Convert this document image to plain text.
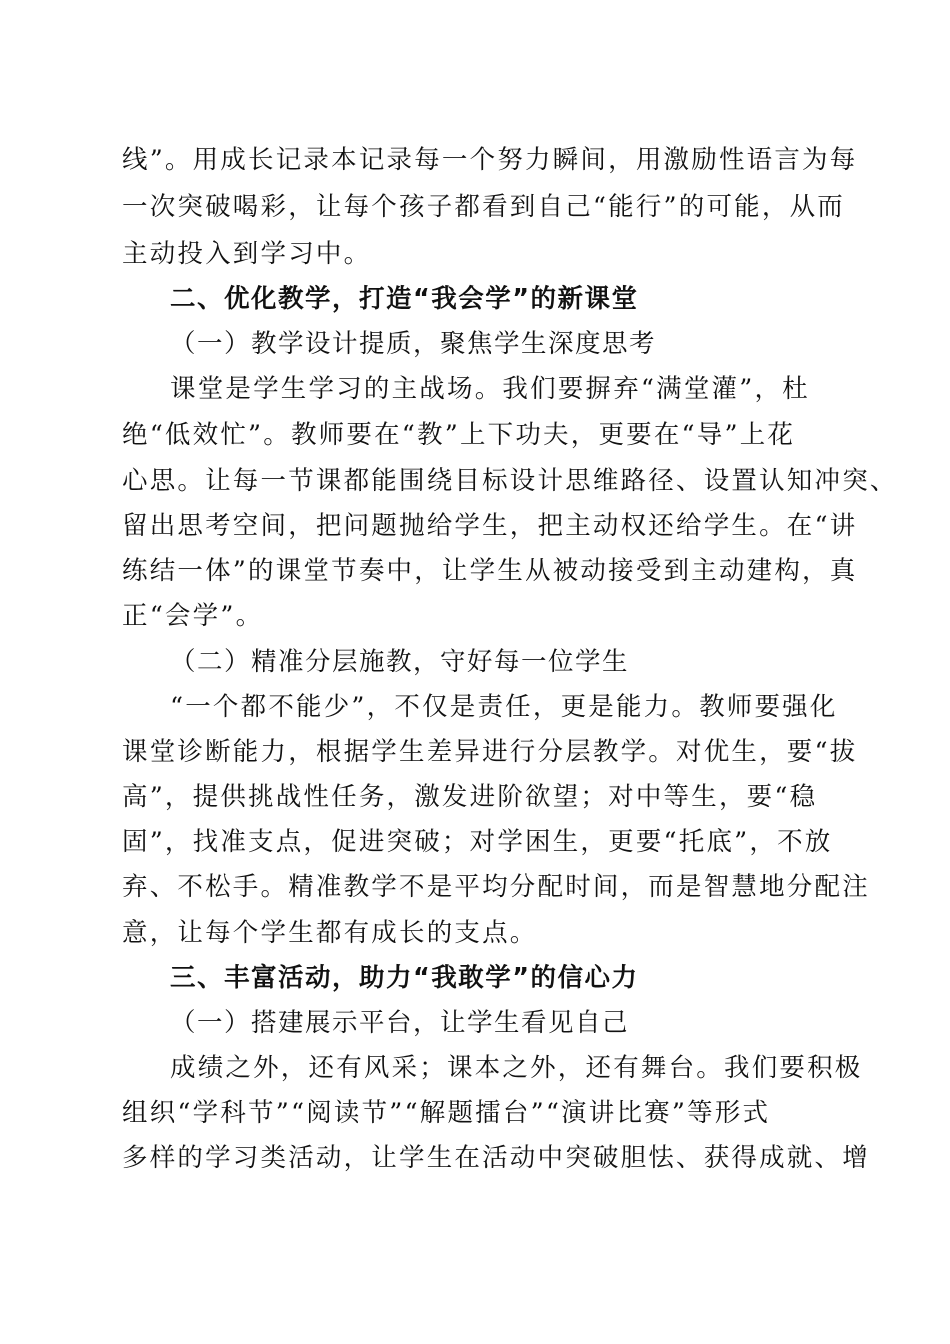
线”。用成长记录本记录每一个努力瞬间，用激励性语言为每
一次突破喝彩，让每个孩子都看到自己“能行”的可能，从而
主动投入到学习中。
二、优化教学，打造“我会学”的新课堂
（一）教学设计提质，聚焦学生深度思考
课堂是学生学习的主战场。我们要摒弃“满堂灌”，杜
绝“低效忙”。教师要在“教”上下功夫，更要在“导”上花
心思。让每一节课都能围绕目标设计思维路径、设置认知冲突、
留出思考空间，把问题抛给学生，把主动权还给学生。在“讲
练结一体”的课堂节奏中，让学生从被动接受到主动建构，真
正“会学”。
（二）精准分层施教，守好每一位学生
“一个都不能少”，不仅是责任，更是能力。教师要强化
课堂诊断能力，根据学生差异进行分层教学。对优生，要“拔
高”，提供挑战性任务，激发进阶欲望；对中等生，要“稳
固”，找准支点，促进突破；对学困生，更要“托底”，不放
弃、不松手。精准教学不是平均分配时间，而是智慧地分配注
意，让每个学生都有成长的支点。
三、丰富活动，助力“我敢学”的信心力
（一）搭建展示平台，让学生看见自己
成绩之外，还有风采；课本之外，还有舞台。我们要积极
组织“学科节”“阅读节”“解题擂台”“演讲比赛”等形式
多样的学习类活动，让学生在活动中突破胆怯、获得成就、增
